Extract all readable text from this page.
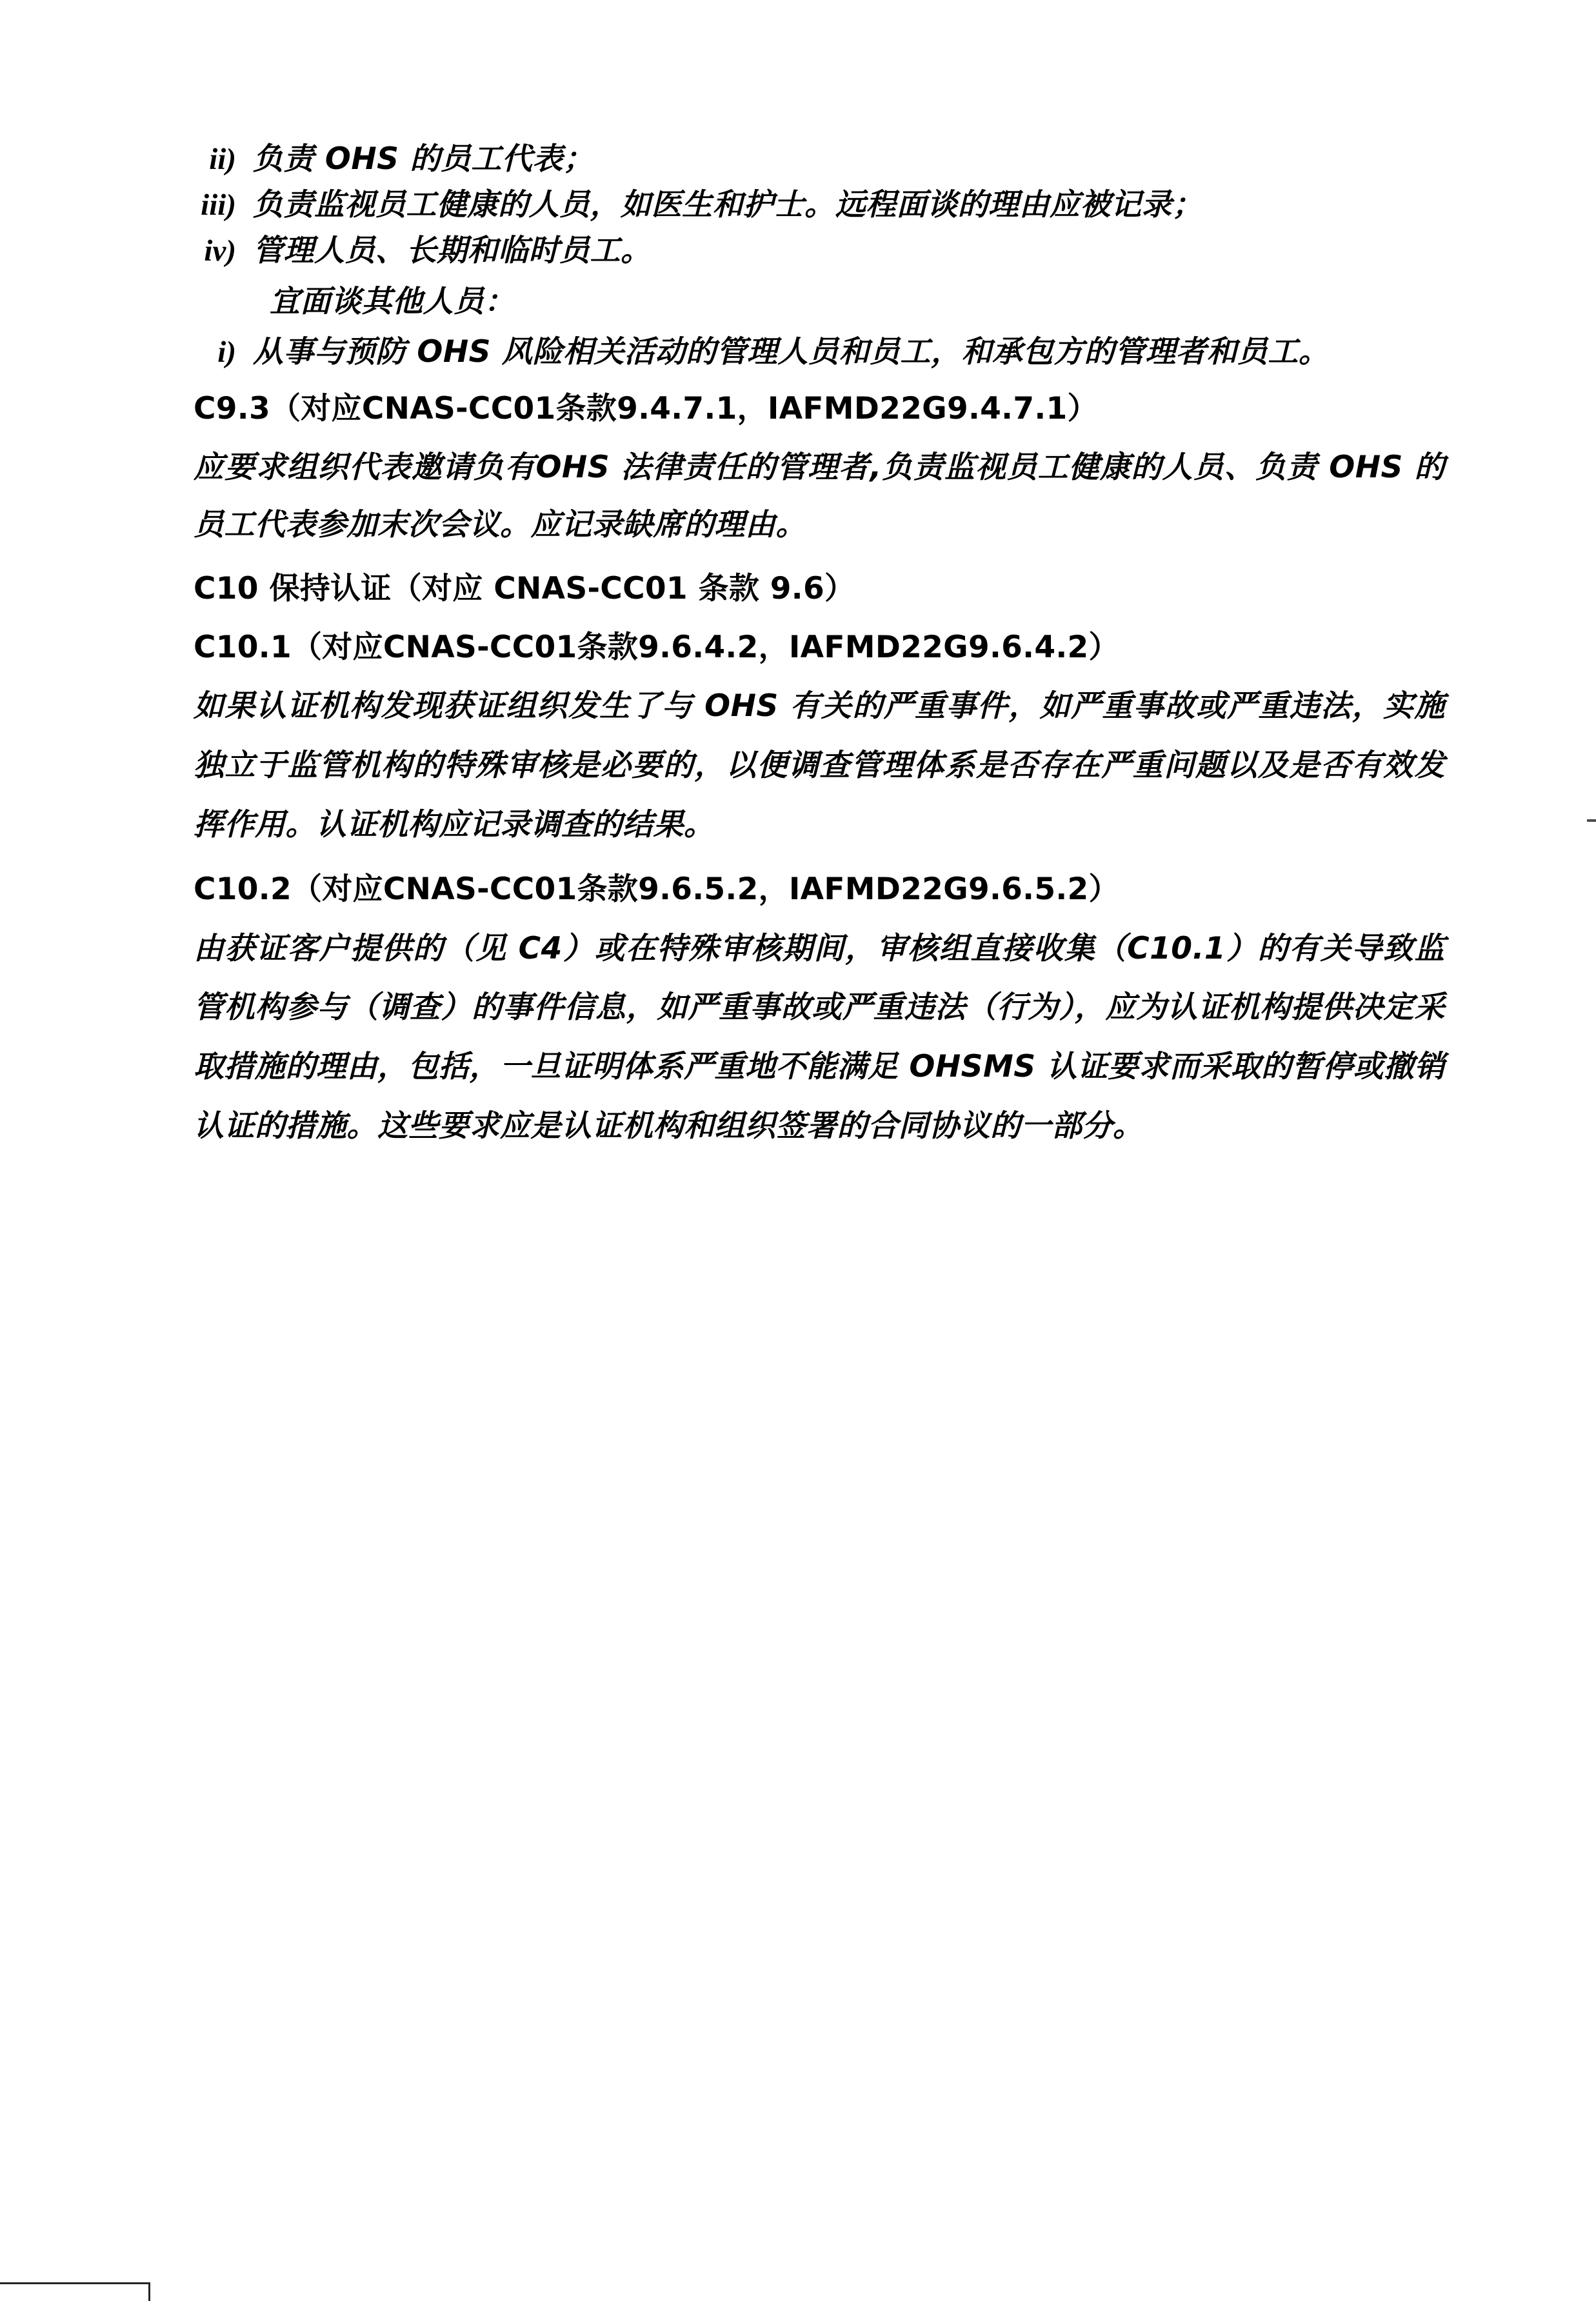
ii) 负责 OHS 的员工代表；
iii) 负责监视员工健康的人员，如医生和护士。远程面谈的理由应被记录；
iv) 管理人员、长期和临时员工。
宜面谈其他人员：
i) 从事与预防 OHS 风险相关活动的管理人员和员工，和承包方的管理者和员工。
C9.3（对应CNAS-CC01条款9.4.7.1，IAFMD22G9.4.7.1）
应要求组织代表邀请负有OHS 法律责任的管理者,负责监视员工健康的人员、负责 OHS 的员工代表参加末次会议。应记录缺席的理由。
C10 保持认证（对应 CNAS-CC01 条款 9.6）
C10.1（对应CNAS-CC01条款9.6.4.2，IAFMD22G9.6.4.2）
如果认证机构发现获证组织发生了与 OHS 有关的严重事件，如严重事故或严重违法，实施独立于监管机构的特殊审核是必要的，以便调查管理体系是否存在严重问题以及是否有效发挥作用。认证机构应记录调查的结果。
C10.2（对应CNAS-CC01条款9.6.5.2，IAFMD22G9.6.5.2）
由获证客户提供的（见 C4）或在特殊审核期间，审核组直接收集（C10.1）的有关导致监管机构参与（调查）的事件信息，如严重事故或严重违法（行为），应为认证机构提供决定采取措施的理由，包括，一旦证明体系严重地不能满足 OHSMS 认证要求而采取的暂停或撤销认证的措施。这些要求应是认证机构和组织签署的合同协议的一部分。
